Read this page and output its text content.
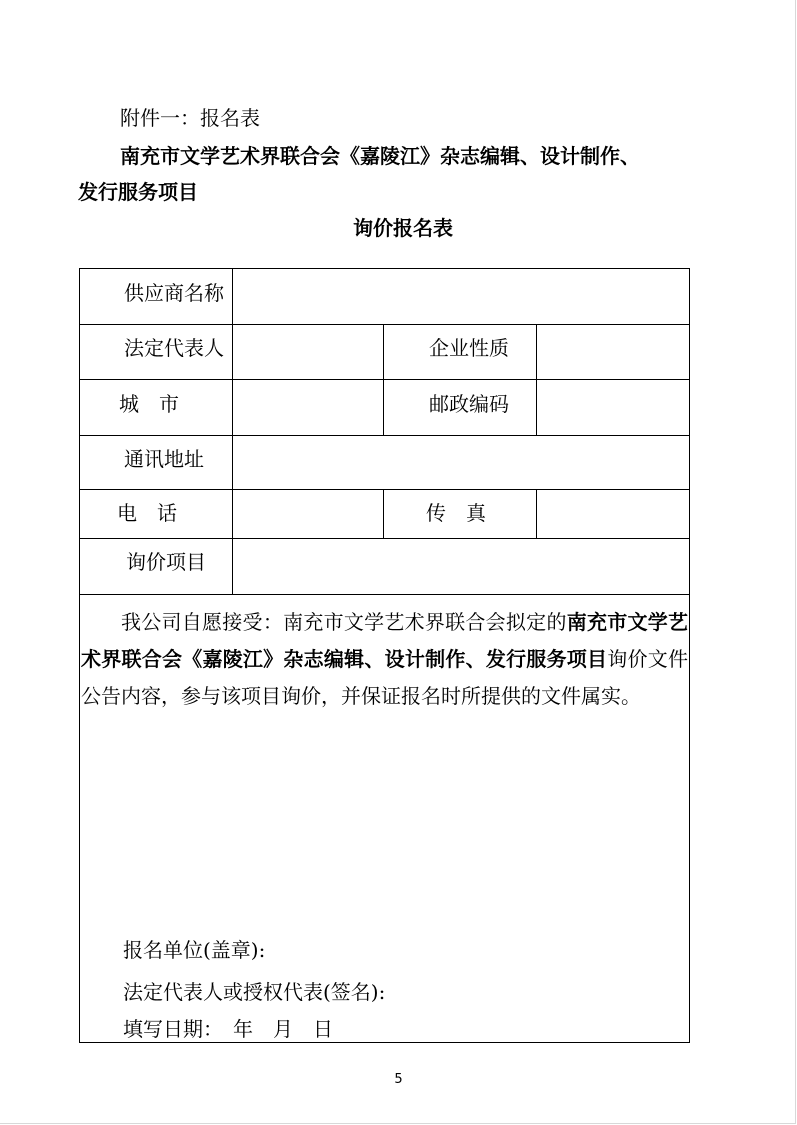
附件一：报名表
南充市文学艺术界联合会《嘉陵江》杂志编辑、设计制作、
发行服务项目
询价报名表
供应商名称
法定代表人	企业性质
城　市	邮政编码
通讯地址
电　话	传　真
询价项目
我公司自愿接受：南充市文学艺术界联合会拟定的南充市文学艺术界联合会《嘉陵江》杂志编辑、设计制作、发行服务项目询价文件公告内容，参与该项目询价，并保证报名时所提供的文件属实。
报名单位(盖章):
法定代表人或授权代表(签名):
填写日期：　年　月　日
5
